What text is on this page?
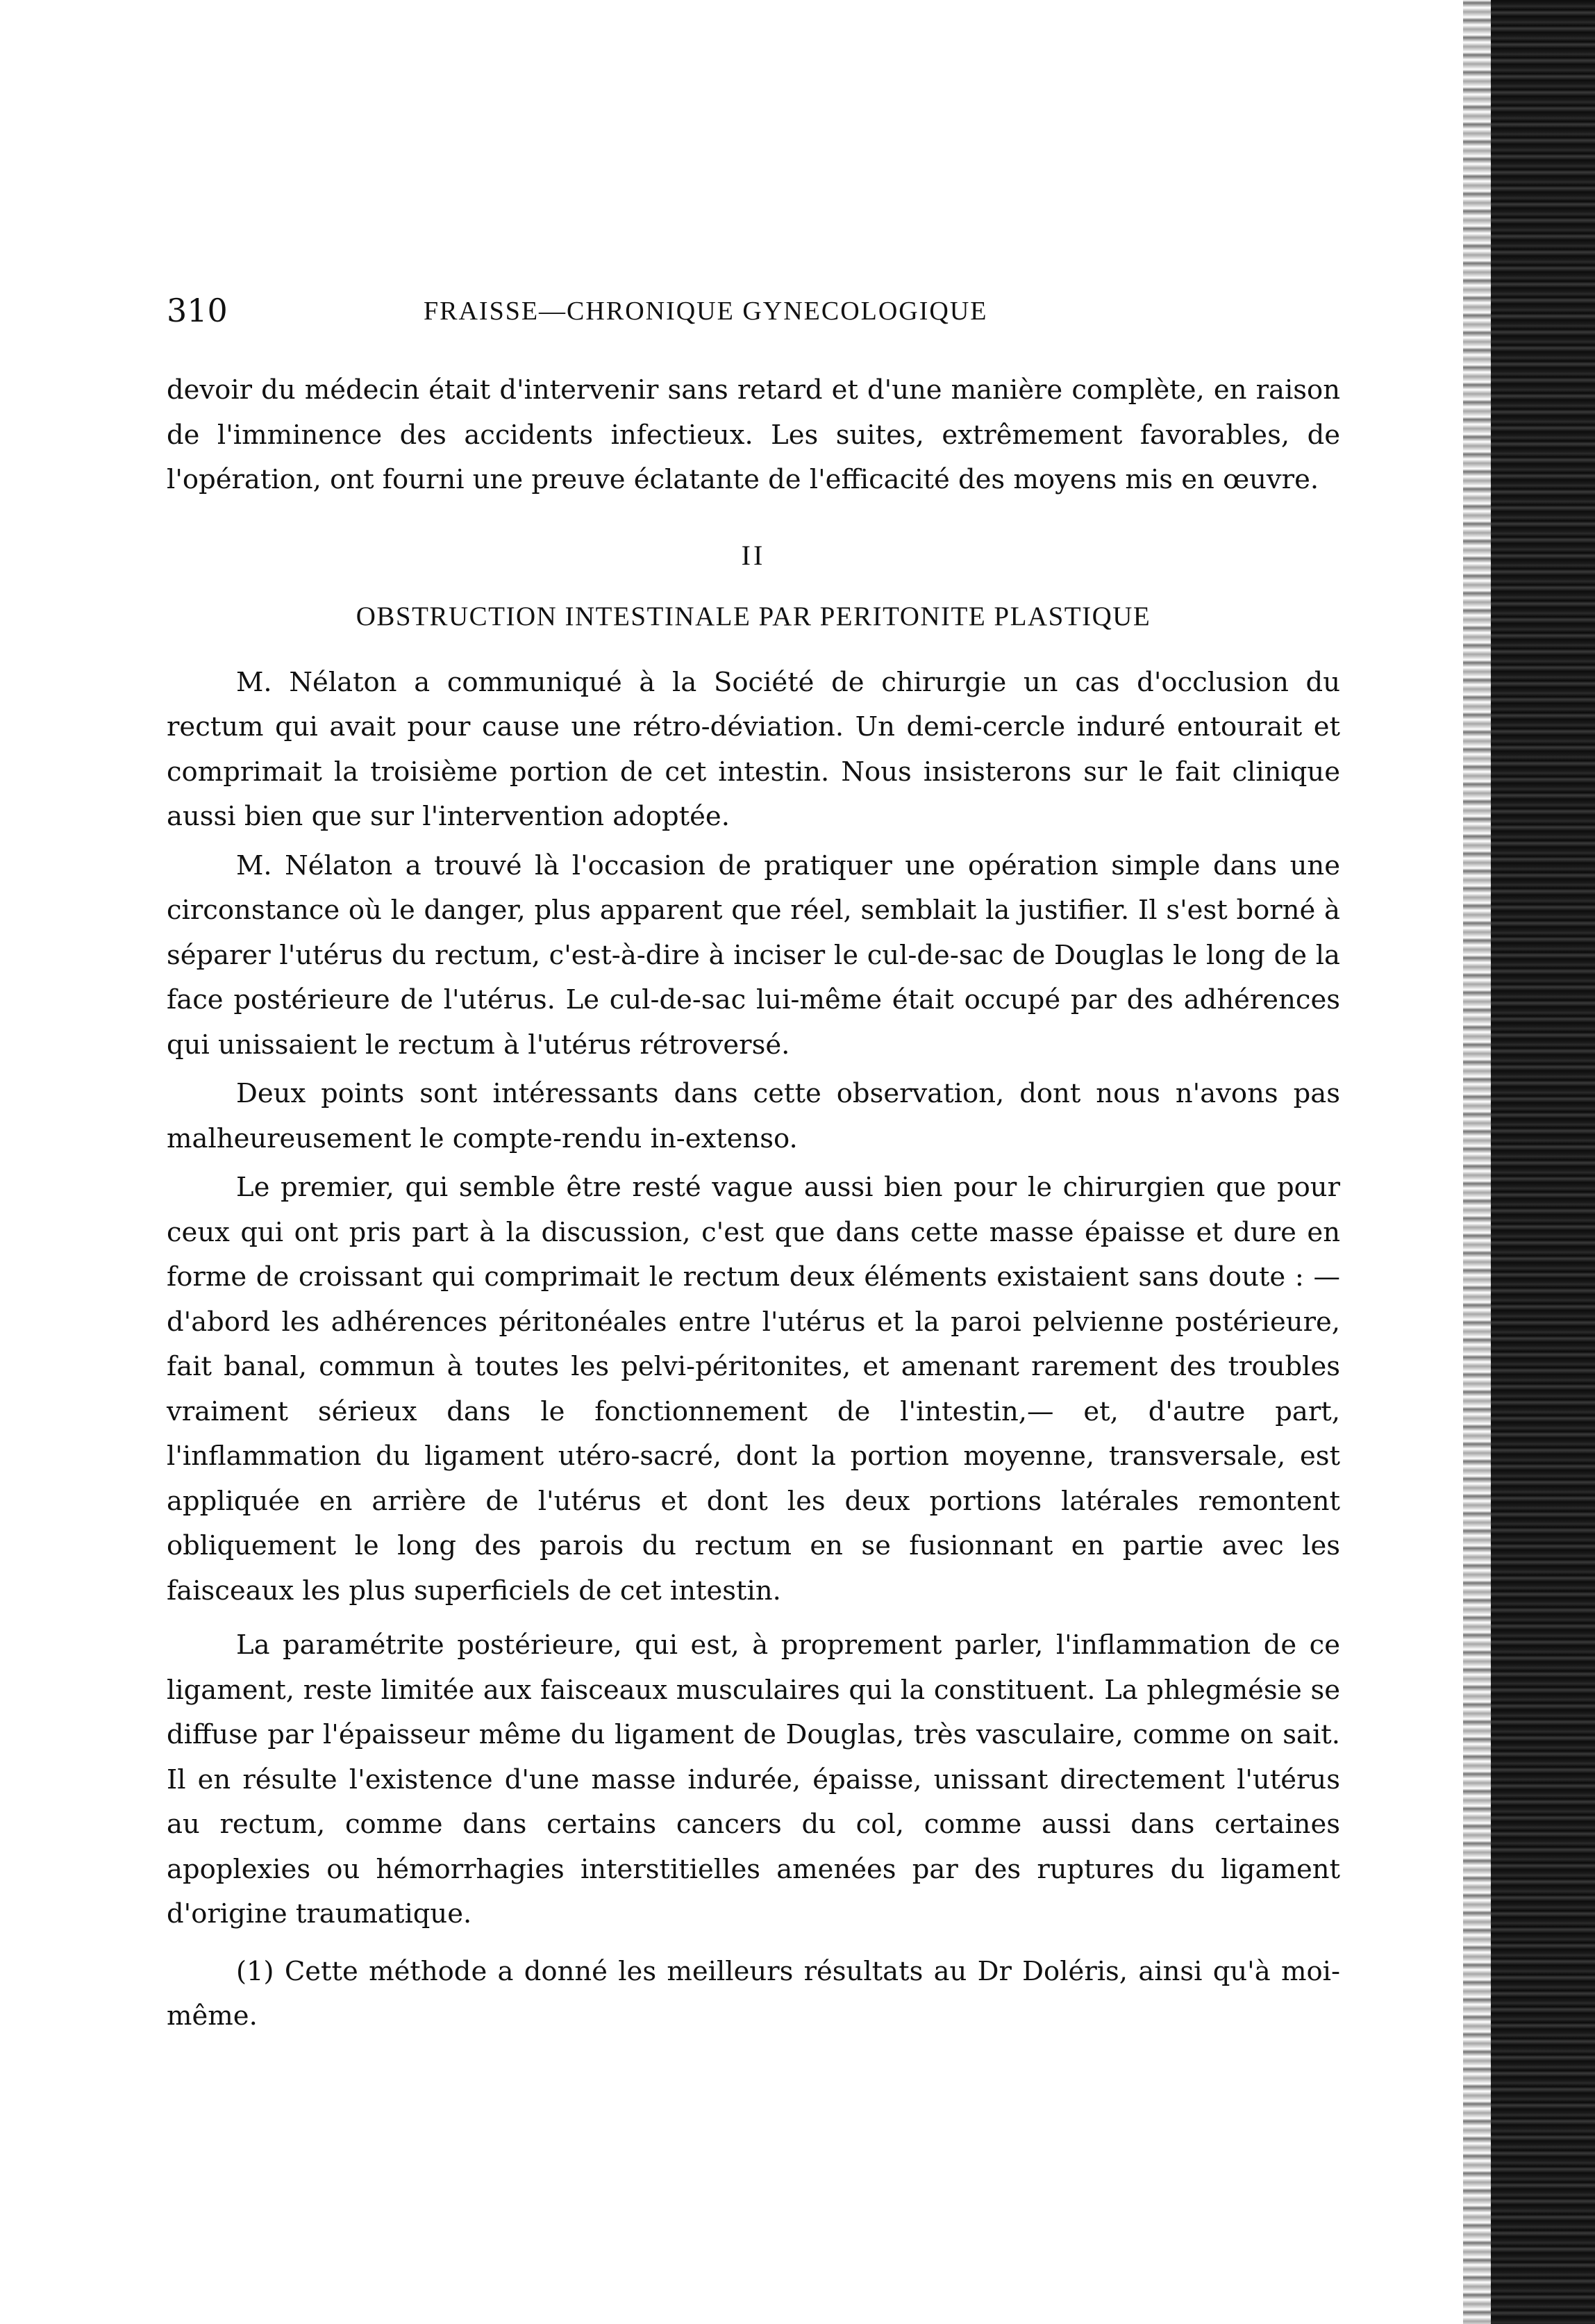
310	FRAISSE—CHRONIQUE GYNECOLOGIQUE

devoir du médecin était d'intervenir sans retard et d'une manière complète, en raison de l'imminence des accidents infectieux. Les suites, extrêmement favorables, de l'opération, ont fourni une preuve éclatante de l'efficacité des moyens mis en œuvre.

II
OBSTRUCTION INTESTINALE PAR PERITONITE PLASTIQUE

M. Nélaton a communiqué à la Société de chirurgie un cas d'occlusion du rectum qui avait pour cause une rétro-déviation. Un demi-cercle induré entourait et comprimait la troisième portion de cet intestin. Nous insisterons sur le fait clinique aussi bien que sur l'intervention adoptée.

M. Nélaton a trouvé là l'occasion de pratiquer une opération simple dans une circonstance où le danger, plus apparent que réel, semblait la justifier. Il s'est borné à séparer l'utérus du rectum, c'est-à-dire à inciser le cul-de-sac de Douglas le long de la face postérieure de l'utérus. Le cul-de-sac lui-même était occupé par des adhérences qui unissaient le rectum à l'utérus rétroversé.

Deux points sont intéressants dans cette observation, dont nous n'avons pas malheureusement le compte-rendu in-extenso.

Le premier, qui semble être resté vague aussi bien pour le chirurgien que pour ceux qui ont pris part à la discussion, c'est que dans cette masse épaisse et dure en forme de croissant qui comprimait le rectum deux éléments existaient sans doute : — d'abord les adhérences péritonéales entre l'utérus et la paroi pelvienne postérieure, fait banal, commun à toutes les pelvi-péritonites, et amenant rarement des troubles vraiment sérieux dans le fonctionnement de l'intestin,— et, d'autre part, l'inflammation du ligament utéro-sacré, dont la portion moyenne, transversale, est appliquée en arrière de l'utérus et dont les deux portions latérales remontent obliquement le long des parois du rectum en se fusionnant en partie avec les faisceaux les plus superficiels de cet intestin.

La paramétrite postérieure, qui est, à proprement parler, l'inflammation de ce ligament, reste limitée aux faisceaux musculaires qui la constituent. La phlegmésie se diffuse par l'épaisseur même du ligament de Douglas, très vasculaire, comme on sait. Il en résulte l'existence d'une masse indurée, épaisse, unissant directement l'utérus au rectum, comme dans certains cancers du col, comme aussi dans certaines apoplexies ou hémorrhagies interstitielles amenées par des ruptures du ligament d'origine traumatique.

(1) Cette méthode a donné les meilleurs résultats au Dr Doléris, ainsi qu'à moi-même.
